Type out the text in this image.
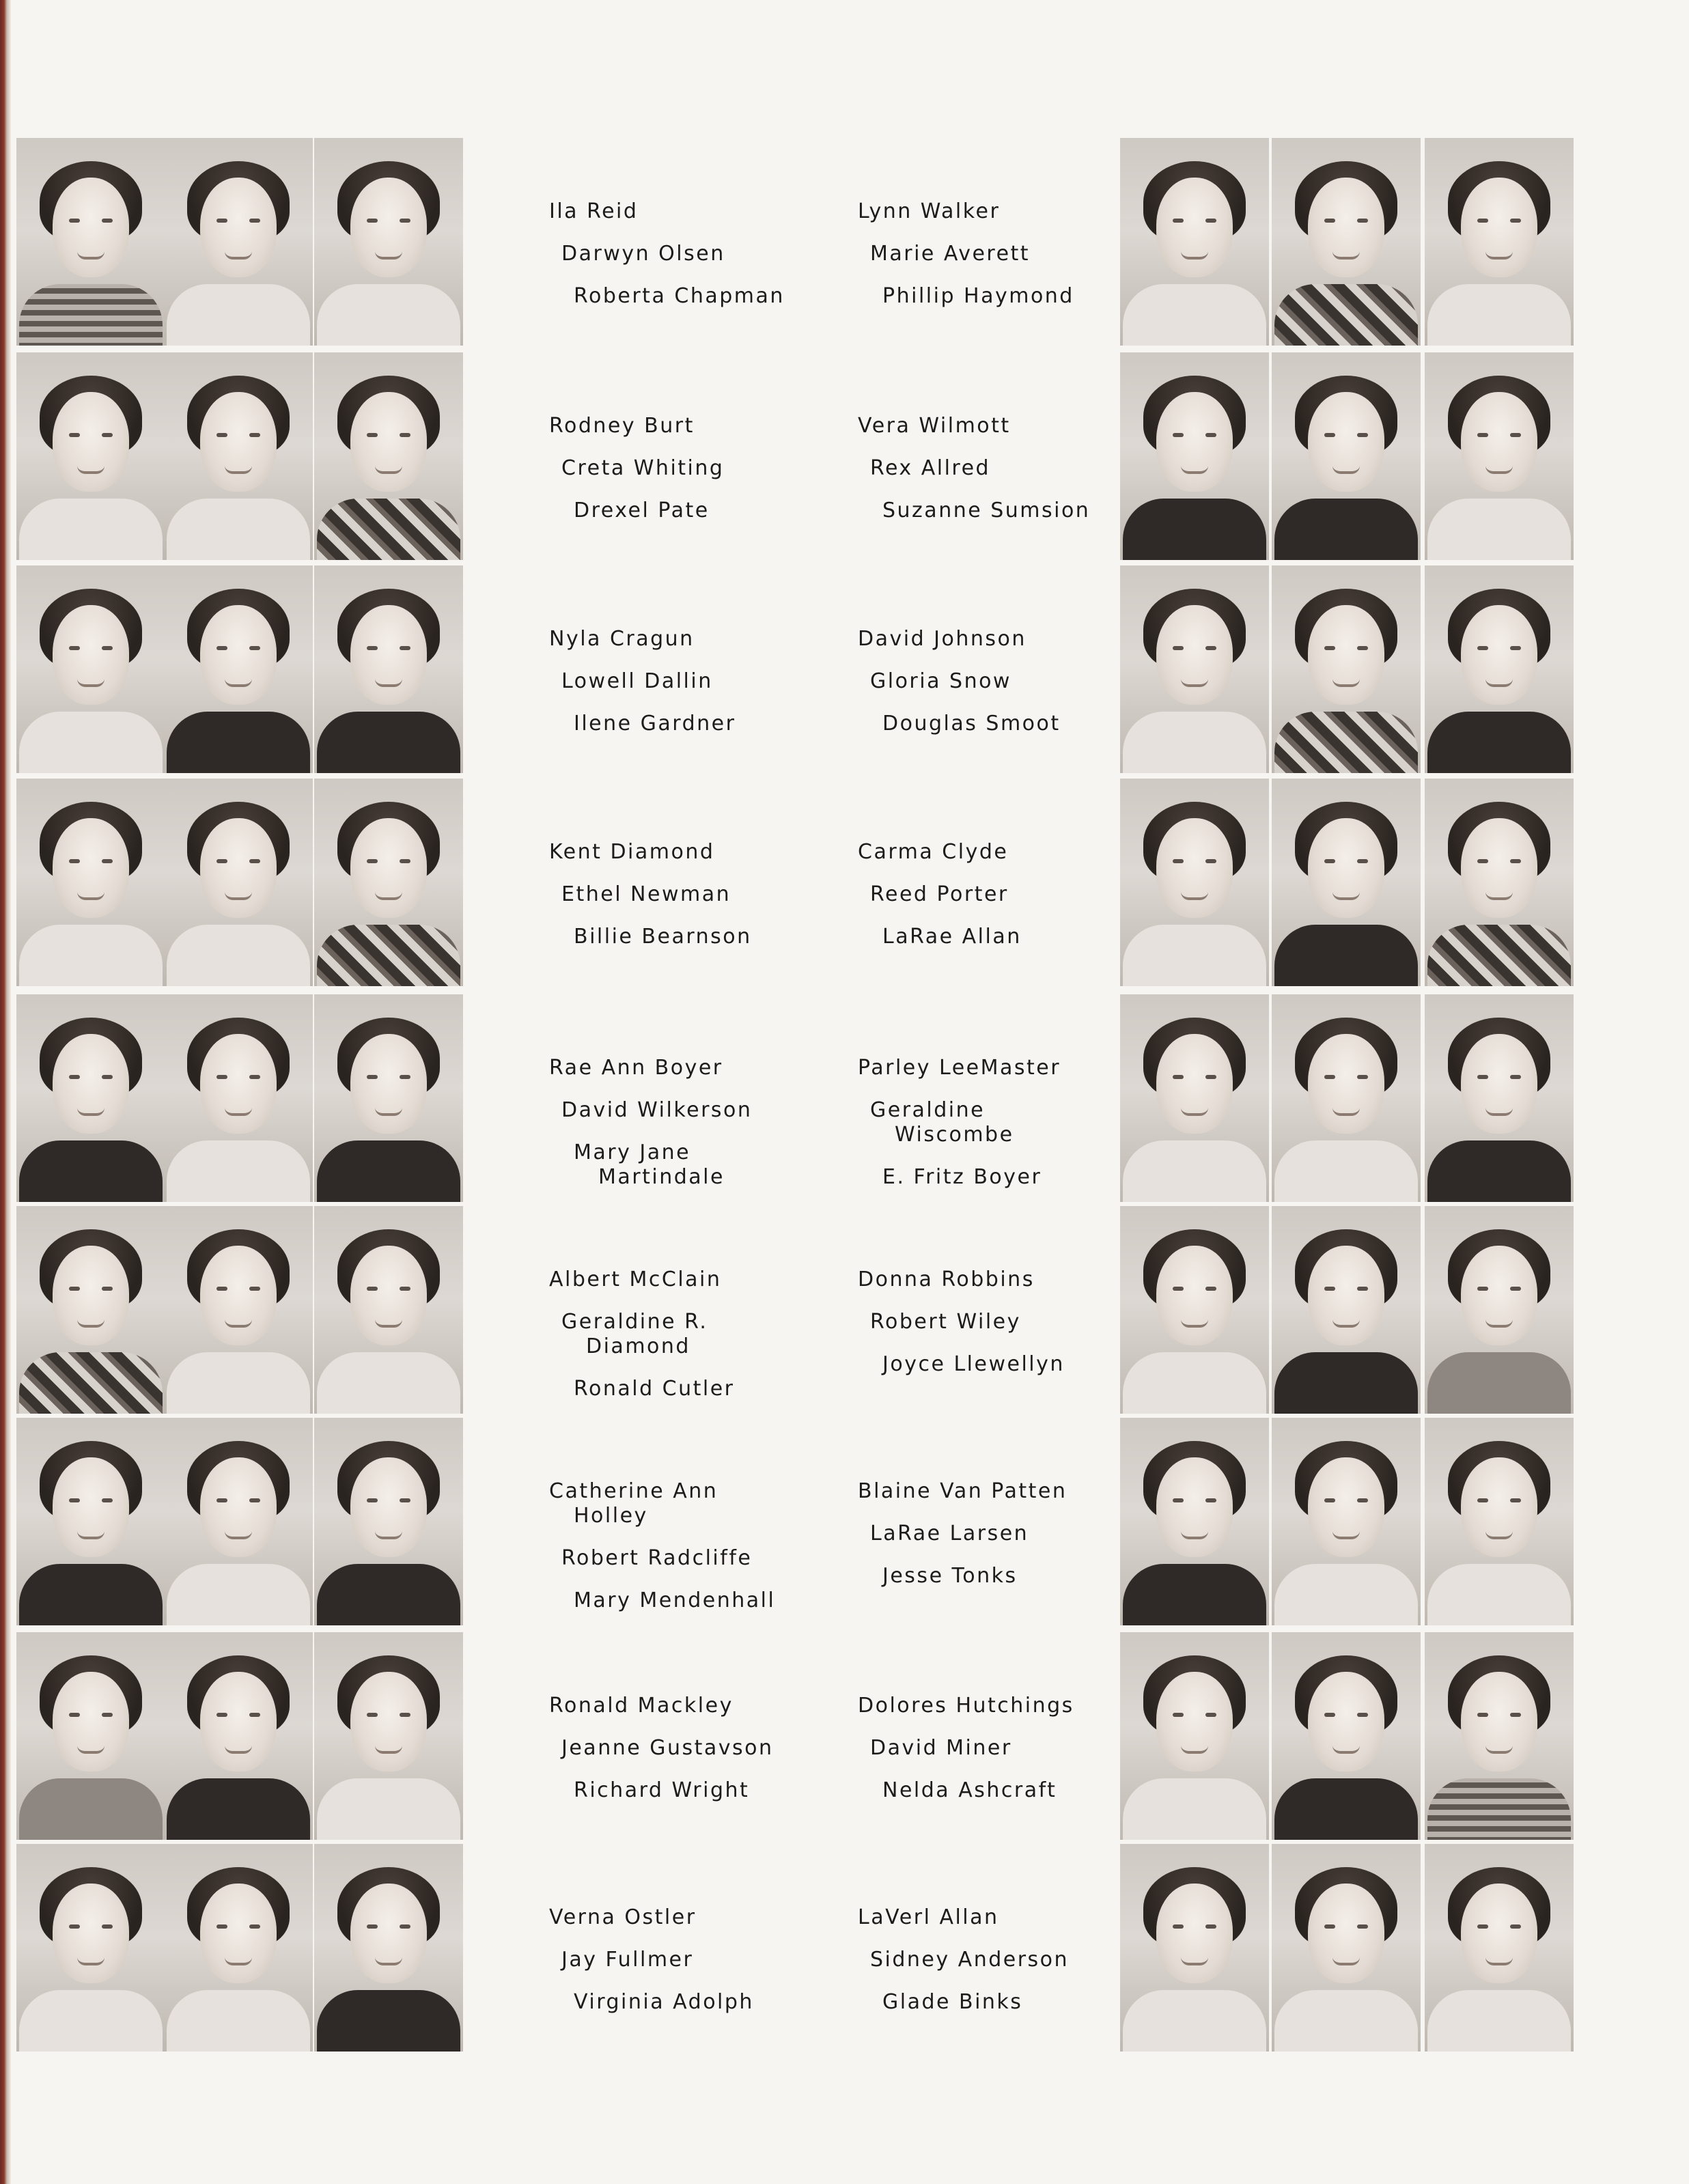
Ila Reid
Darwyn Olsen
Roberta Chapman
Lynn Walker
Marie Averett
Phillip Haymond
Rodney Burt
Creta Whiting
Drexel Pate
Vera Wilmott
Rex Allred
Suzanne Sumsion
Nyla Cragun
Lowell Dallin
Ilene Gardner
David Johnson
Gloria Snow
Douglas Smoot
Kent Diamond
Ethel Newman
Billie Bearnson
Carma Clyde
Reed Porter
LaRae Allan
Rae Ann Boyer
David Wilkerson
Mary Jane
Martindale
Parley LeeMaster
Geraldine
Wiscombe
E. Fritz Boyer
Albert McClain
Geraldine R.
Diamond
Ronald Cutler
Donna Robbins
Robert Wiley
Joyce Llewellyn
Catherine Ann
Holley
Robert Radcliffe
Mary Mendenhall
Blaine Van Patten
LaRae Larsen
Jesse Tonks
Ronald Mackley
Jeanne Gustavson
Richard Wright
Dolores Hutchings
David Miner
Nelda Ashcraft
Verna Ostler
Jay Fullmer
Virginia Adolph
LaVerl Allan
Sidney Anderson
Glade Binks
